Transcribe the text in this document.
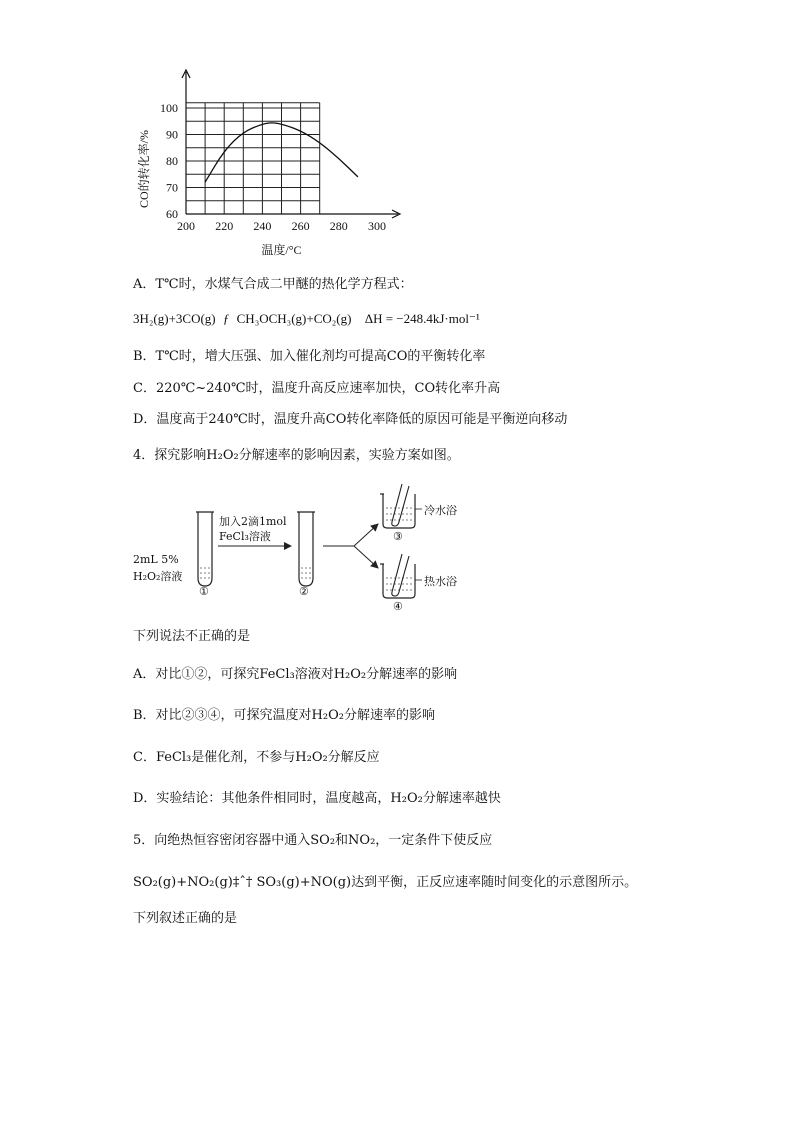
200 220 240 260 280 300
60
70
80
90
100
温度/°C
CO的转化率/%
A．T℃时，水煤气合成二甲醚的热化学方程式：
3H₂(g)+3CO(g) ƒ CH₃OCH₃(g)+CO₂(g) ΔH = −248.4kJ·mol⁻¹
B．T℃时，增大压强、加入催化剂均可提高CO的平衡转化率
C．220℃~240℃时，温度升高反应速率加快，CO转化率升高
D．温度高于240℃时，温度升高CO转化率降低的原因可能是平衡逆向移动
4．探究影响H₂O₂分解速率的影响因素，实验方案如图。
2mL 5%
H₂O₂溶液
加入2滴1mol
FeCl₃溶液
①	②
③
④
冷水浴
热水浴
下列说法不正确的是
A．对比①②，可探究FeCl₃溶液对H₂O₂分解速率的影响
B．对比②③④，可探究温度对H₂O₂分解速率的影响
C．FeCl₃是催化剂，不参与H₂O₂分解反应
D．实验结论：其他条件相同时，温度越高，H₂O₂分解速率越快
5．向绝热恒容密闭容器中通入SO₂和NO₂，一定条件下使反应
SO₂(g)+NO₂(g)‡ˆ† SO₃(g)+NO(g)达到平衡，正反应速率随时间变化的示意图所示。
下列叙述正确的是
